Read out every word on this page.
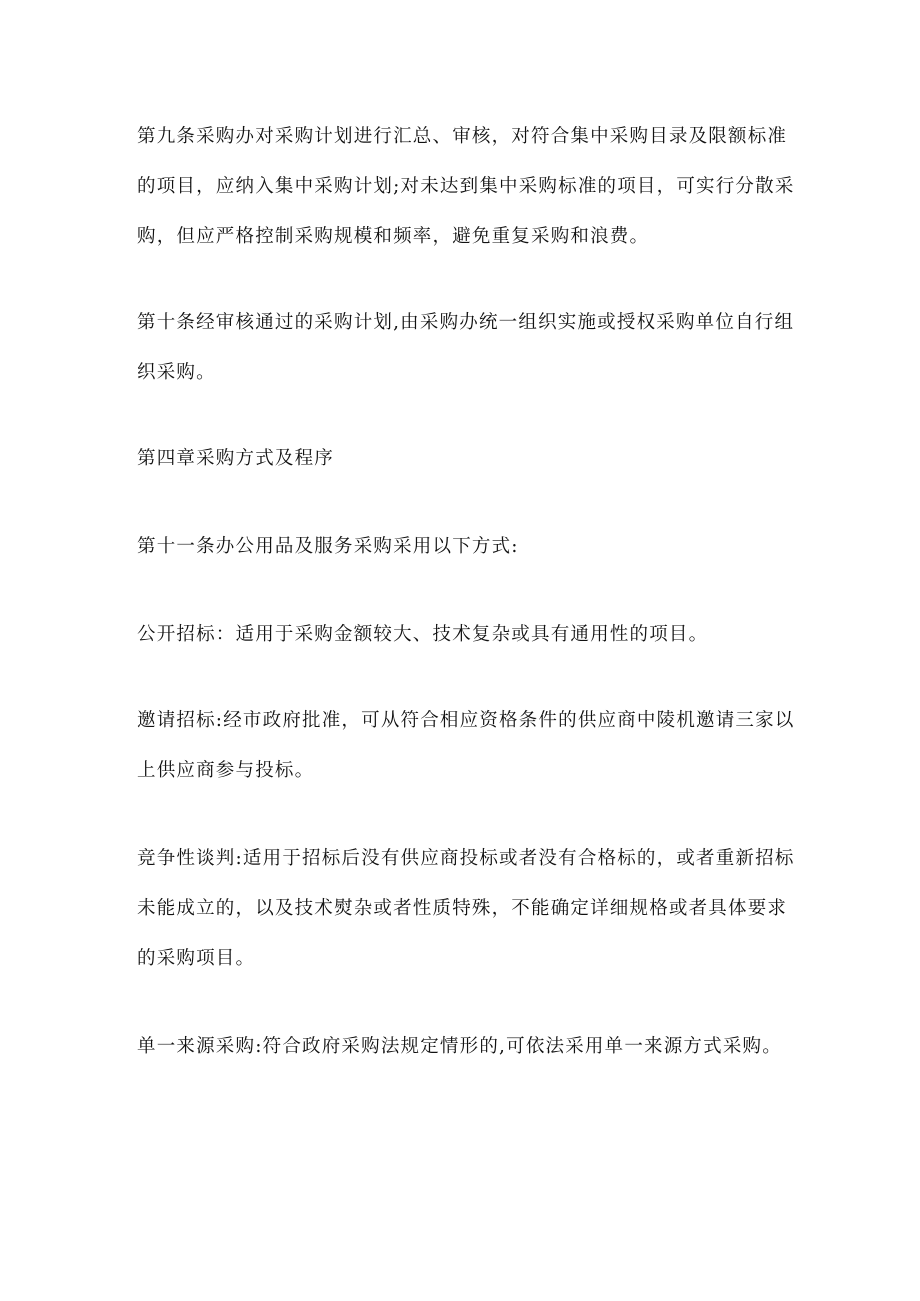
第九条采购办对采购计划进行汇总、审核，对符合集中采购目录及限额标准的项目，应纳入集中采购计划;对未达到集中采购标准的项目，可实行分散采购，但应严格控制采购规模和频率，避免重复采购和浪费。

第十条经审核通过的采购计划,由采购办统一组织实施或授权采购单位自行组织采购。

第四章采购方式及程序

第十一条办公用品及服务采购采用以下方式:

公开招标：适用于采购金额较大、技术复杂或具有通用性的项目。

邀请招标:经市政府批准，可从符合相应资格条件的供应商中陵机邀请三家以上供应商参与投标。

竞争性谈判:适用于招标后没有供应商投标或者没有合格标的，或者重新招标未能成立的，以及技术熨杂或者性质特殊，不能确定详细规格或者具体要求的采购项目。

单一来源采购:符合政府采购法规定情形的,可依法采用单一来源方式采购。
